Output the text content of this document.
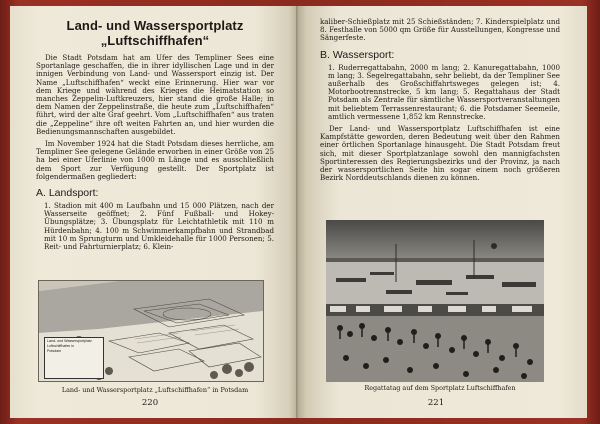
Land- und Wassersportplatz
„Luftschiffhafen“

Die Stadt Potsdam hat am Ufer des Templiner Sees eine Sportanlage geschaffen, die in ihrer idyllischen Lage und in der innigen Verbindung von Land- und Wassersport einzig ist. Der Name „Luftschiffhafen“ weckt eine Erinnerung. Hier war vor dem Kriege und während des Krieges die Heimatstation so manches Zeppelin-Luftkreuzers, hier stand die große Halle; in dem Namen der Zeppelinstraße, die heute zum „Luftschiffhafen“ führt, wird der alte Graf geehrt. Vom „Luftschiffhafen“ aus traten die „Zeppeline“ ihre oft weiten Fahrten an, und hier wurden die Bedienungsmannschaften ausgebildet.

Im November 1924 hat die Stadt Potsdam dieses herrliche, am Templiner See gelegene Gelände erworben in einer Größe von 25 ha bei einer Uferlinie von 1000 m Länge und es ausschließlich dem Sport zur Verfügung gestellt. Der Sportplatz ist folgendermaßen gegliedert:

A. Landsport:

1. Stadion mit 400 m Laufbahn und 15 000 Plätzen, nach der Wasserseite geöffnet; 2. Fünf Fußball- und Hokey-Übungsplätze; 3. Übungsplatz für Leichtathletik mit 110 m Hürdenbahn; 4. 100 m Schwimmerkampfbahn und Strandbad mit 10 m Sprungturm und Umkleidehalle für 1000 Personen; 5. Reit- und Fahrturnierplatz; 6. Klein-

Land- und Wassersportplatz
Luftschiffhafen in
Potsdam
Land- und Wassersportplatz „Luftschiffhafen“ in Potsdam
220

kaliber-Schießplatz mit 25 Schießständen; 7. Kinderspielplatz und 8. Festhalle von 5000 qm Größe für Ausstellungen, Kongresse und Sängerfeste.

B. Wassersport:

1. Ruderregattabahn, 2000 m lang; 2. Kanuregattabahn, 1000 m lang; 3. Segelregattabahn, sehr beliebt, da der Templiner See außerhalb des Großschiffahrtsweges gelegen ist; 4. Motorbootrennstrecke, 5 km lang; 5. Regattahaus der Stadt Potsdam als Zentrale für sämtliche Wassersportveranstaltungen mit beliebtem Terrassenrestaurant; 6. die Potsdamer Seemeile, amtlich vermessene 1,852 km Rennstrecke.

Der Land- und Wassersportplatz Luftschiffhafen ist eine Kampfstätte geworden, deren Bedeutung weit über den Rahmen einer örtlichen Sportanlage hinausgeht. Die Stadt Potsdam freut sich, mit dieser Sportplatzanlage sowohl den mannigfachsten Sportinteressen des Regierungsbezirks und der Provinz, ja nach der wassersportlichen Seite hin sogar einem noch größeren Bezirk Norddeutschlands dienen zu können.

Regattatag auf dem Sportplatz Luftschiffhafen
221
